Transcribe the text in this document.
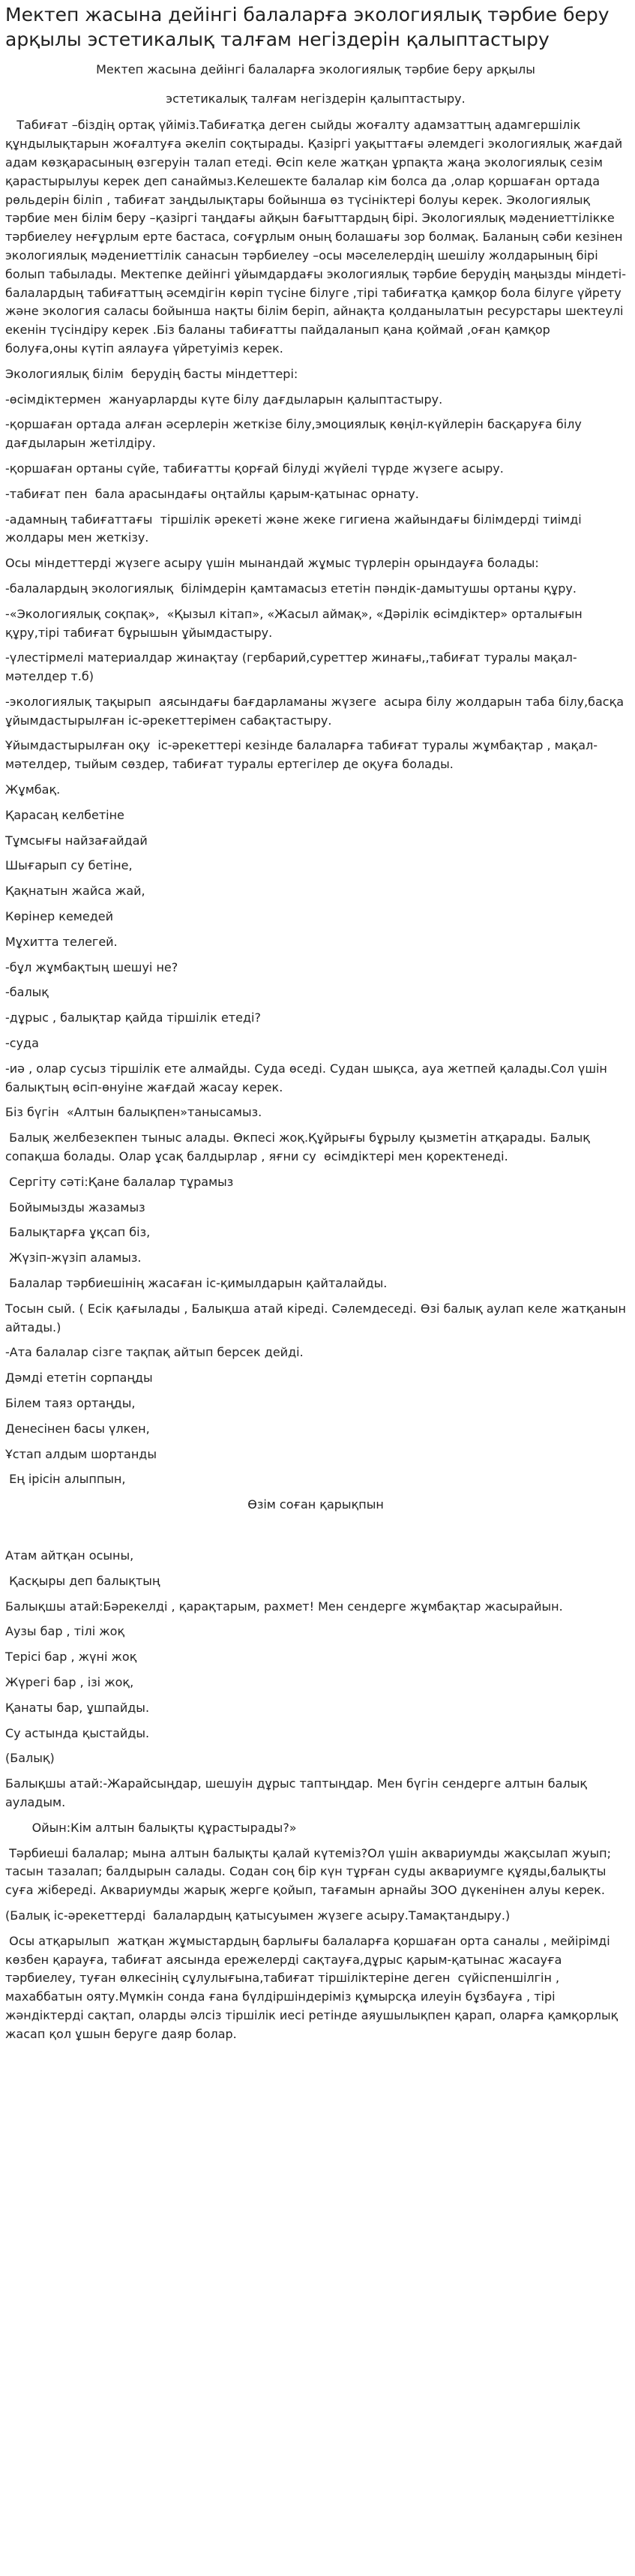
Мектеп жасына дейінгі балаларға экологиялық тәрбие беру арқылы эстетикалық талғам негіздерін қалыптастыру

Мектеп жасына дейінгі балаларға экологиялық тәрбие беру арқылы

эстетикалық талғам негіздерін қалыптастыру.

Табиғат –біздің ортақ үйіміз.Табиғатқа деген сыйды жоғалту адамзаттың адамгершілік құндылықтарын жоғалтуға әкеліп соқтырады. Қазіргі уақыттағы әлемдегі экологиялық жағдай  адам көзқарасының өзгеруін талап етеді. Өсіп келе жатқан ұрпақта жаңа экологиялық сезім қарастырылуы керек деп санаймыз.Келешекте балалар кім болса да ,олар қоршаған ортада рөльдерін біліп , табиғат заңдылықтары бойынша өз түсініктері болуы керек. Экологиялық тәрбие мен білім беру –қазіргі таңдағы айқын бағыттардың бірі. Экологиялық мәдениеттілікке тәрбиелеу неғұрлым ерте бастаса, соғұрлым оның болашағы зор болмақ. Баланың сәби кезінен экологиялық мәдениеттілік санасын тәрбиелеу –осы мәселелердің шешілу жолдарының бірі болып табылады. Мектепке дейінгі ұйымдардағы экологиялық тәрбие берудің маңызды міндеті-балалардың табиғаттың әсемдігін көріп түсіне білуге ,тірі табиғатқа қамқор бола білуге үйрету және экология саласы бойынша нақты білім беріп, айнақта қолданылатын ресурстары шектеулі екенін түсіндіру керек .Біз баланы табиғатты пайдаланып қана қоймай ,оған қамқор болуға,оны күтіп аялауға үйретуіміз керек.

Экологиялық білім  берудің басты міндеттері:

-өсімдіктермен  жануарларды күте білу дағдыларын қалыптастыру.

-қоршаған ортада алған әсерлерін жеткізе білу,эмоциялық көңіл-күйлерін басқаруға білу дағдыларын жетілдіру.

-қоршаған ортаны сүйе, табиғатты қорғай білуді жүйелі түрде жүзеге асыру.

-табиғат пен  бала арасындағы оңтайлы қарым-қатынас орнату.

-адамның табиғаттағы  тіршілік әрекеті және жеке гигиена жайындағы білімдерді тиімді жолдары мен жеткізу.

Осы міндеттерді жүзеге асыру үшін мынандай жұмыс түрлерін орындауға болады:

-балалардың экологиялық  білімдерін қамтамасыз ететін пәндік-дамытушы ортаны құру.

-«Экологиялық соқпақ»,  «Қызыл кітап», «Жасыл аймақ», «Дәрілік өсімдіктер» орталығын құру,тірі табиғат бұрышын ұйымдастыру.

-үлестірмелі материалдар жинақтау (гербарий,суреттер жинағы,,табиғат туралы мақал-мәтелдер т.б)

-экологиялық тақырып  аясындағы бағдарламаны жүзеге  асыра білу жолдарын таба білу,басқа ұйымдастырылған іс-әрекеттерімен сабақтастыру.

Ұйымдастырылған оқу  іс-әрекеттері кезінде балаларға табиғат туралы жұмбақтар , мақал-мәтелдер, тыйым сөздер, табиғат туралы ертегілер де оқуға болады.

Жұмбақ.

Қарасаң келбетіне

Тұмсығы найзағайдай

Шығарып су бетіне,

Қақнатын жайса жай,

Көрінер кемедей

Мұхитта телегей.

-бұл жұмбақтың шешуі не?

-балық

-дұрыс , балықтар қайда тіршілік етеді?

-суда

-иә , олар сусыз тіршілік ете алмайды. Суда өседі. Судан шықса, ауа жетпей қалады.Сол үшін балықтың өсіп-өнуіне жағдай жасау керек.

Біз бүгін  «Алтын балықпен»танысамыз.

Балық желбезекпен тыныс алады. Өкпесі жоқ.Құйрығы бұрылу қызметін атқарады. Балық сопақша болады. Олар ұсақ балдырлар , яғни су  өсімдіктері мен қоректенеді.

Сергіту сәті:Қане балалар тұрамыз

Бойымызды жазамыз

Балықтарға ұқсап біз,

Жүзіп-жүзіп аламыз.

Балалар тәрбиешінің жасаған іс-қимылдарын қайталайды.

Тосын сый. ( Есік қағылады , Балықша атай кіреді. Сәлемдеседі. Өзі балық аулап келе жатқанын айтады.)

-Ата балалар сізге тақпақ айтып берсек дейді.

Дәмді ететін сорпаңды

Білем таяз ортаңды,

Денесінен басы үлкен,

Ұстап алдым шортанды

Ең ірісін алыппын,

Өзім соған қарықпын

Атам айтқан осыны,

Қасқыры деп балықтың

Балықшы атай:Бәрекелді , қарақтарым, рахмет! Мен сендерге жұмбақтар жасырайын.

Аузы бар , тілі жоқ

Терісі бар , жүні жоқ

Жүрегі бар , ізі жоқ,

Қанаты бар, ұшпайды.

Су астында қыстайды.

(Балық)

Балықшы атай:-Жарайсыңдар, шешуін дұрыс таптыңдар. Мен бүгін сендерге алтын балық ауладым.

Ойын:Кім алтын балықты құрастырады?»

Тәрбиеші балалар; мына алтын балықты қалай күтеміз?Ол үшін аквариумды жақсылап жуып; тасын тазалап; балдырын салады. Содан соң бір күн тұрған суды аквариумге құяды,балықты суға жібереді. Аквариумды жарық жерге қойып, тағамын арнайы ЗОО дүкенінен алуы керек.

(Балық іс-әрекеттерді  балалардың қатысуымен жүзеге асыру.Тамақтандыру.)

Осы атқарылып  жатқан жұмыстардың барлығы балаларға қоршаған орта саналы , мейірімді көзбен қарауға, табиғат аясында ережелерді сақтауға,дұрыс қарым-қатынас жасауға тәрбиелеу, туған өлкесінің сұлулығына,табиғат тіршіліктеріне деген  сүйіспеншілгін , махаббатын ояту.Мүмкін сонда ғана бүлдіршіндеріміз құмырсқа илеуін бұзбауға , тірі жәндіктерді сақтап, оларды әлсіз тіршілік иесі ретінде аяушылықпен қарап, оларға қамқорлық жасап қол ұшын беруге даяр болар.
